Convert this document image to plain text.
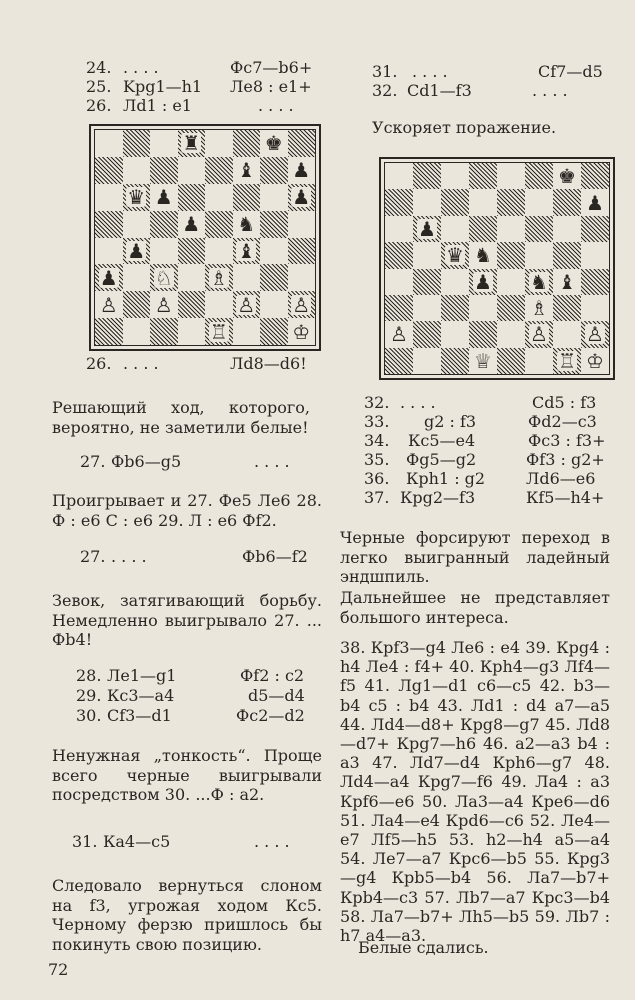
24. . . . .	Фс7—b6+
25. Kpg1—h1 Ле8 : е1+
26. Лd1 : е1	. . . .
♜	♚
♝ ♟
♛ ♟	♟
♟ ♞
♟	♝
♟ ♘ ♗
♙ ♙	♙ ♙
♖	♔
26. . . . .	Лd8—d6!
Решающий ход, которого, вероятно, не заметили белые!
27. Фb6—g5	. . . .
Проигрывает и 27. Фе5 Ле6 28. Ф : е6 С : е6 29. Л : е6 Фf2.
27. . . . .	Фb6—f2
Зевок, затягивающий борьбу. Немедленно выигрывало 27. ... Фb4!
28. Ле1—g1	Фf2 : с2
29. Кс3—а4	d5—d4
30. Сf3—d1	Фс2—d2
Ненужная „тонкость“. Проще всего черные выигрывали посредством 30. ...Ф : а2.
31. Ка4—с5	. . . .
Следовало вернуться слоном на f3, угрожая ходом Кс5. Черному ферзю пришлось бы покинуть свою позицию.
72
31. . . . .	Сf7—d5
32. Cd1—f3	. . . .
Ускоряет поражение.
♚
♟
♟
♛ ♞
♟ ♞ ♝
♗
♙	♙ ♙
♕	♖ ♔
32. . . . .	Cd5 : f3
33. g2 : f3	Фd2—с3
34. Кс5—е4	Фс3 : f3+
35. Фg5—g2	Фf3 : g2+
36. Кph1 : g2	Лd6—е6
37. Кpg2—f3	Кf5—h4+
Черные форсируют переход в легко выигранный ладейный эндшпиль.
Дальнейшее не представляет большого интереса.
38. Кpf3—g4 Ле6 : е4 39. Кpg4 : h4 Ле4 : f4+ 40. Кph4—g3 Лf4—f5 41. Лg1—d1 с6—с5 42. b3—b4 с5 : b4 43. Лd1 : d4 а7—а5 44. Лd4—d8+ Кpg8—g7 45. Лd8—d7+ Кpg7—h6 46. а2—а3 b4 : а3 47. Лd7—d4 Кph6—g7 48. Лd4—а4 Кpg7—f6 49. Ла4 : а3 Кpf6—е6 50. Ла3—а4 Кpе6—d6 51. Ла4—е4 Кpd6—с6 52. Ле4—е7 Лf5—h5 53. h2—h4 а5—а4 54. Ле7—а7 Кpс6—b5 55. Кpg3—g4 Кpb5—b4 56. Ла7—b7+ Кpb4—с3 57. Лb7—а7 Кpс3—b4 58. Ла7—b7+ Лh5—b5 59. Лb7 : h7 а4—а3.
Белые сдались.
